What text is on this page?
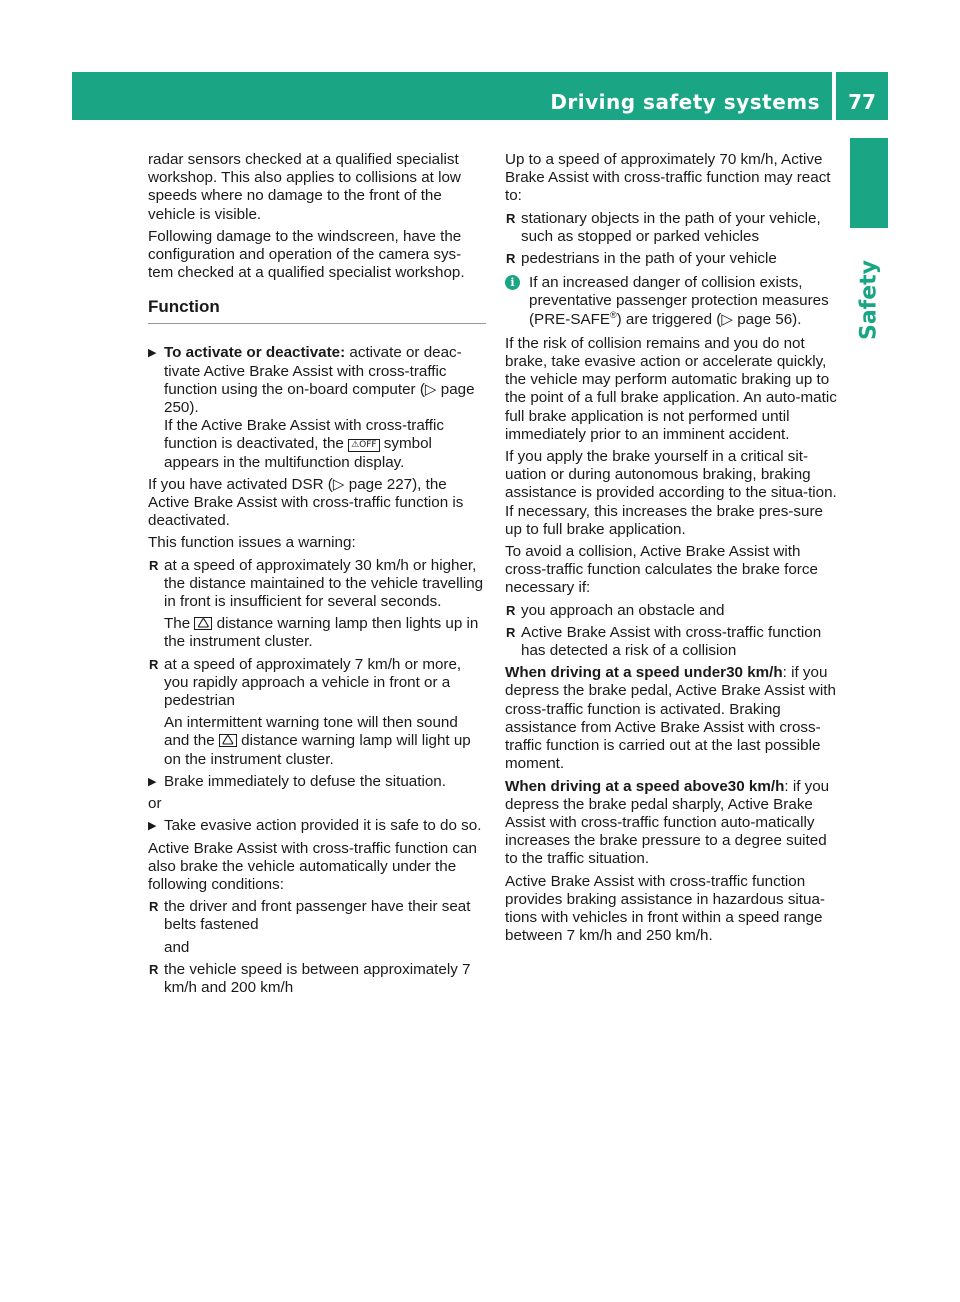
Driving safety systems	77
Safety

radar sensors checked at a qualified specialist workshop. This also applies to collisions at low speeds where no damage to the front of the vehicle is visible.

Following damage to the windscreen, have the configuration and operation of the camera sys-tem checked at a qualified specialist workshop.

Function
▶ To activate or deactivate: activate or deac-tivate Active Brake Assist with cross-traffic function using the on-board computer (▷ page 250).
If the Active Brake Assist with cross-traffic function is deactivated, the ⚠OFF symbol appears in the multifunction display.

If you have activated DSR (▷ page 227), the Active Brake Assist with cross-traffic function is deactivated.

This function issues a warning:

R at a speed of approximately 30 km/h or higher, the distance maintained to the vehicle travelling in front is insufficient for several seconds.

The 🛆 distance warning lamp then lights up in the instrument cluster.

R at a speed of approximately 7 km/h or more, you rapidly approach a vehicle in front or a pedestrian

An intermittent warning tone will then sound and the 🛆 distance warning lamp will light up on the instrument cluster.

▶ Brake immediately to defuse the situation.

or

▶ Take evasive action provided it is safe to do so.

Active Brake Assist with cross-traffic function can also brake the vehicle automatically under the following conditions:

R the driver and front passenger have their seat belts fastened

and

R the vehicle speed is between approximately 7 km/h and 200 km/h

Up to a speed of approximately 70 km/h, Active Brake Assist with cross-traffic function may react to:

R stationary objects in the path of your vehicle, such as stopped or parked vehicles
R pedestrians in the path of your vehicle
i If an increased danger of collision exists, preventative passenger protection measures (PRE-SAFE®) are triggered (▷ page 56).

If the risk of collision remains and you do not brake, take evasive action or accelerate quickly, the vehicle may perform automatic braking up to the point of a full brake application. An auto-matic full brake application is not performed until immediately prior to an imminent accident.

If you apply the brake yourself in a critical sit-uation or during autonomous braking, braking assistance is provided according to the situa-tion. If necessary, this increases the brake pres-sure up to full brake application.

To avoid a collision, Active Brake Assist with cross-traffic function calculates the brake force necessary if:

R you approach an obstacle and
R Active Brake Assist with cross-traffic function has detected a risk of a collision

When driving at a speed under30 km/h: if you depress the brake pedal, Active Brake Assist with cross-traffic function is activated. Braking assistance from Active Brake Assist with cross-traffic function is carried out at the last possible moment.

When driving at a speed above30 km/h: if you depress the brake pedal sharply, Active Brake Assist with cross-traffic function auto-matically increases the brake pressure to a degree suited to the traffic situation.

Active Brake Assist with cross-traffic function provides braking assistance in hazardous situa-tions with vehicles in front within a speed range between 7 km/h and 250 km/h.
